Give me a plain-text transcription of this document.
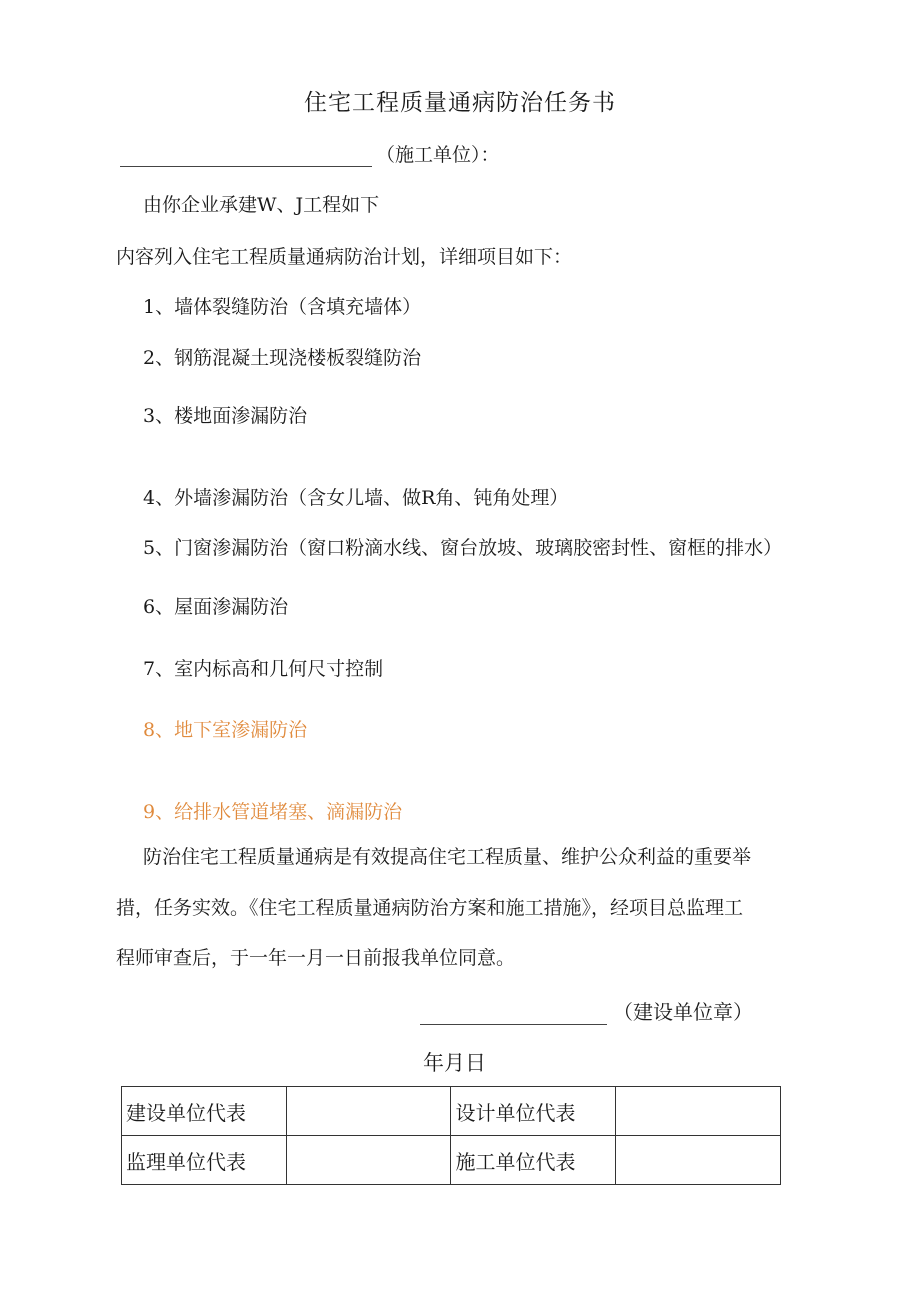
住宅工程质量通病防治任务书
（施工单位）：
由你企业承建W、J工程如下
内容列入住宅工程质量通病防治计划，详细项目如下：
1、墙体裂缝防治（含填充墙体）
2、钢筋混凝土现浇楼板裂缝防治
3、楼地面渗漏防治
4、外墙渗漏防治（含女儿墙、做R角、钝角处理）
5、门窗渗漏防治（窗口粉滴水线、窗台放坡、玻璃胶密封性、窗框的排水）
6、屋面渗漏防治
7、室内标高和几何尺寸控制
8、地下室渗漏防治
9、给排水管道堵塞、滴漏防治
防治住宅工程质量通病是有效提高住宅工程质量、维护公众利益的重要举
措，任务实效。《住宅工程质量通病防治方案和施工措施》，经项目总监理工
程师审查后，于一年一月一日前报我单位同意。
（建设单位章）
年月日
建设单位代表		设计单位代表	
监理单位代表		施工单位代表	
